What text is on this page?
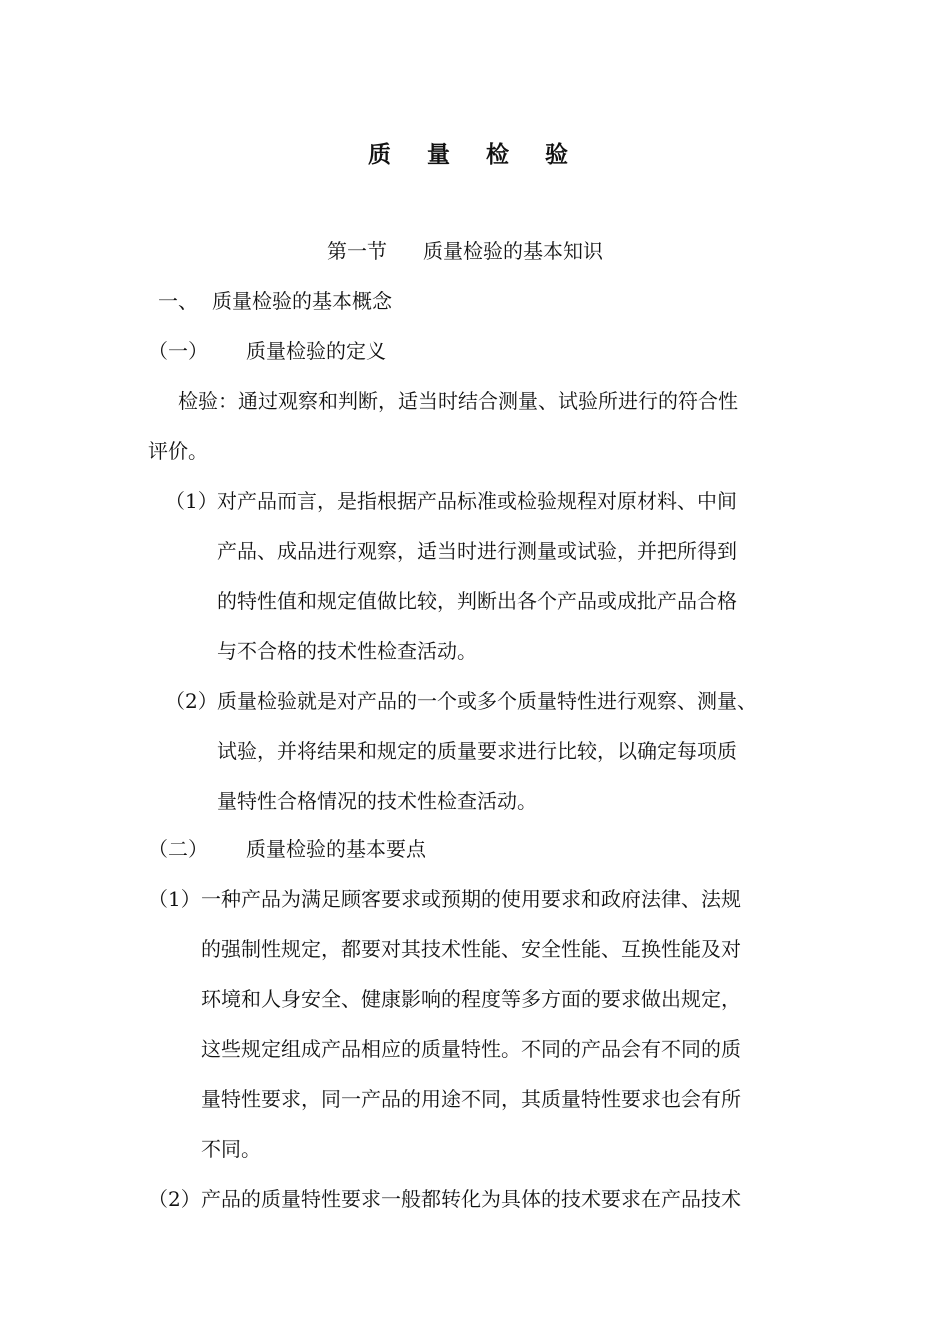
质 量 检 验
第一节 质量检验的基本知识
一、 质量检验的基本概念
（一） 质量检验的定义
检验：通过观察和判断，适当时结合测量、试验所进行的符合性
评价。
（1） 对产品而言，是指根据产品标准或检验规程对原材料、中间
产品、成品进行观察，适当时进行测量或试验，并把所得到
的特性值和规定值做比较，判断出各个产品或成批产品合格
与不合格的技术性检查活动。
（2） 质量检验就是对产品的一个或多个质量特性进行观察、测量、
试验，并将结果和规定的质量要求进行比较，以确定每项质
量特性合格情况的技术性检查活动。
（二） 质量检验的基本要点
（1） 一种产品为满足顾客要求或预期的使用要求和政府法律、法规
的强制性规定，都要对其技术性能、安全性能、互换性能及对
环境和人身安全、健康影响的程度等多方面的要求做出规定，
这些规定组成产品相应的质量特性。不同的产品会有不同的质
量特性要求，同一产品的用途不同，其质量特性要求也会有所
不同。
（2） 产品的质量特性要求一般都转化为具体的技术要求在产品技术
